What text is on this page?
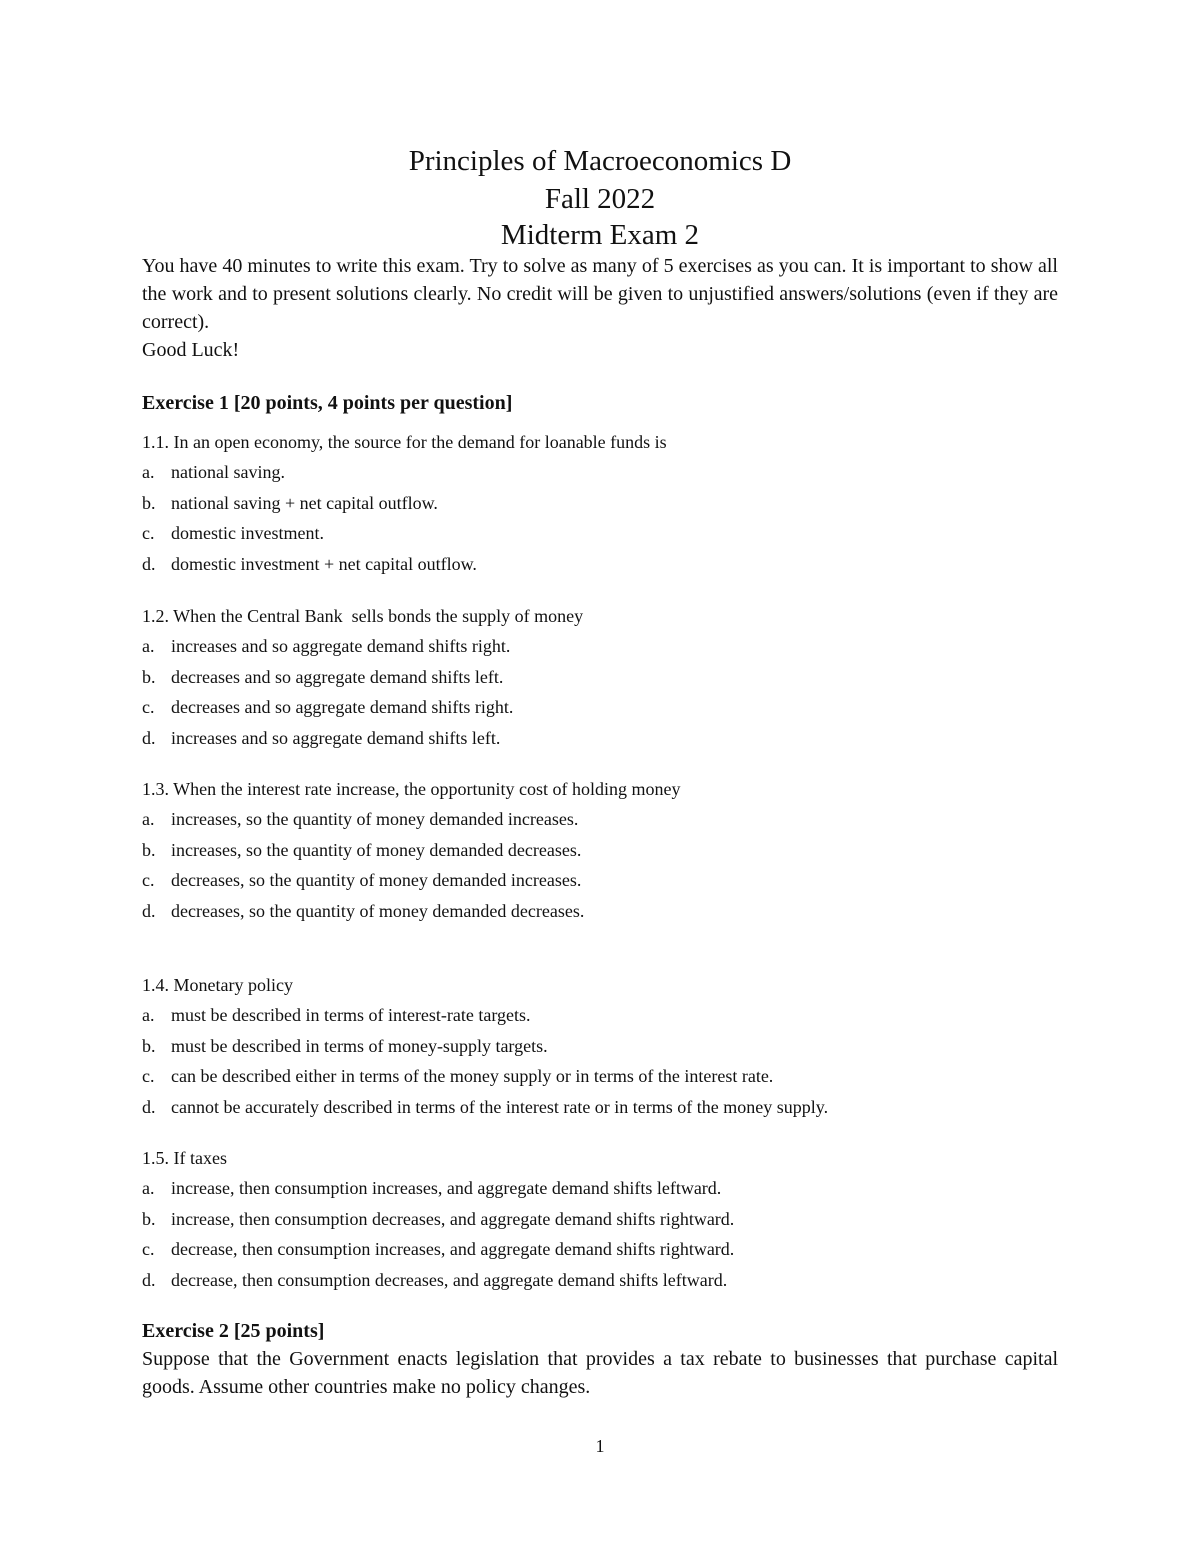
Principles of Macroeconomics D
Fall 2022
Midterm Exam 2

You have 40 minutes to write this exam. Try to solve as many of 5 exercises as you can. It is important to show all the work and to present solutions clearly. No credit will be given to unjustified answers/solutions (even if they are correct).

Good Luck!

Exercise 1 [20 points, 4 points per question]
1.1. In an open economy, the source for the demand for loanable funds is
a. national saving.
b. national saving + net capital outflow.
c. domestic investment.
d. domestic investment + net capital outflow.
1.2. When the Central Bank  sells bonds the supply of money
a. increases and so aggregate demand shifts right.
b. decreases and so aggregate demand shifts left.
c. decreases and so aggregate demand shifts right.
d. increases and so aggregate demand shifts left.
1.3. When the interest rate increase, the opportunity cost of holding money
a. increases, so the quantity of money demanded increases.
b. increases, so the quantity of money demanded decreases.
c. decreases, so the quantity of money demanded increases.
d. decreases, so the quantity of money demanded decreases.
1.4. Monetary policy
a. must be described in terms of interest-rate targets.
b. must be described in terms of money-supply targets.
c. can be described either in terms of the money supply or in terms of the interest rate.
d. cannot be accurately described in terms of the interest rate or in terms of the money supply.
1.5. If taxes
a. increase, then consumption increases, and aggregate demand shifts leftward.
b. increase, then consumption decreases, and aggregate demand shifts rightward.
c. decrease, then consumption increases, and aggregate demand shifts rightward.
d. decrease, then consumption decreases, and aggregate demand shifts leftward.
Exercise 2 [25 points]
Suppose that the Government enacts legislation that provides a tax rebate to businesses that purchase capital goods. Assume other countries make no policy changes.
1
